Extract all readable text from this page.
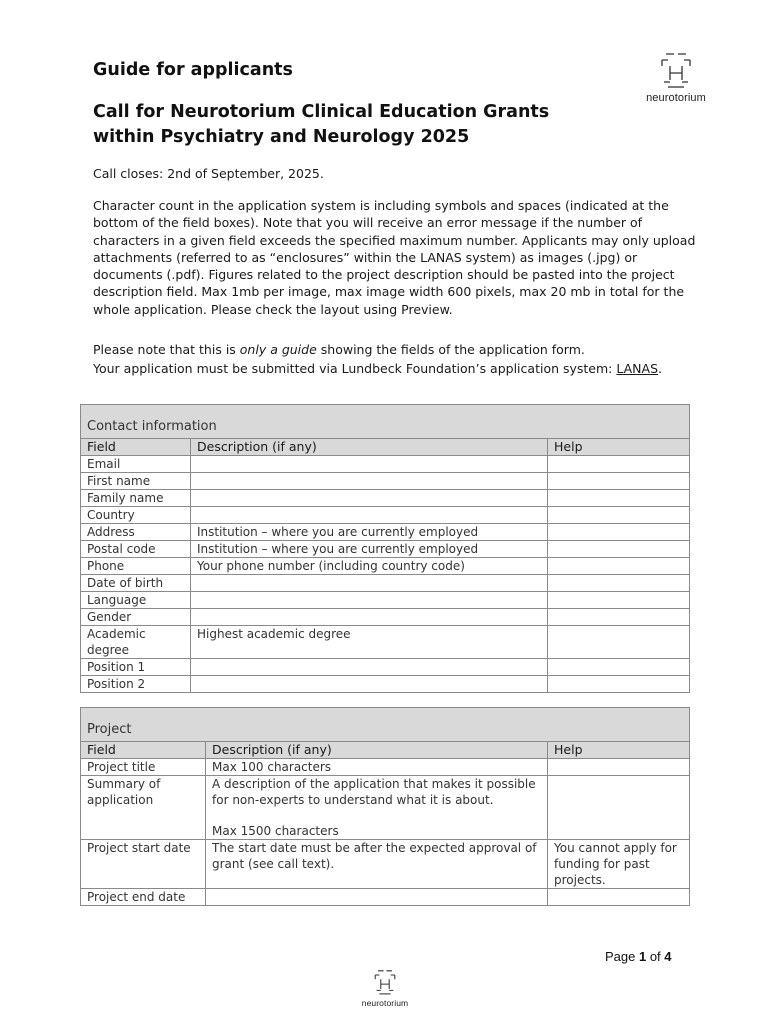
neurotorium
Guide for applicants
Call for Neurotorium Clinical Education Grants within Psychiatry and Neurology 2025
Call closes: 2nd of September, 2025.
Character count in the application system is including symbols and spaces (indicated at the bottom of the field boxes). Note that you will receive an error message if the number of characters in a given field exceeds the specified maximum number. Applicants may only upload attachments (referred to as “enclosures” within the LANAS system) as images (.jpg) or documents (.pdf). Figures related to the project description should be pasted into the project description field. Max 1mb per image, max image width 600 pixels, max 20 mb in total for the whole application. Please check the layout using Preview.
Please note that this is only a guide showing the fields of the application form.
Your application must be submitted via Lundbeck Foundation’s application system: LANAS.
Contact information		
Field	Description (if any)	Help
Email	

First name	

Family name	

Country	

Address	Institution – where you are currently employed	

Postal code	Institution – where you are currently employed	

Phone	Your phone number (including country code)	

Date of birth	

Language	

Gender	

Academic degree	Highest academic degree	

Position 1	

Position 2	

Project		
Field	Description (if any)	Help
Project title	Max 100 characters	

Summary of application	A description of the application that makes it possible for non-experts to understand what it is about.
Max 1500 characters	

Project start date	The start date must be after the expected approval of grant (see call text).	You cannot apply for funding for past projects.
Project end date	

Page 1 of 4
neurotorium
